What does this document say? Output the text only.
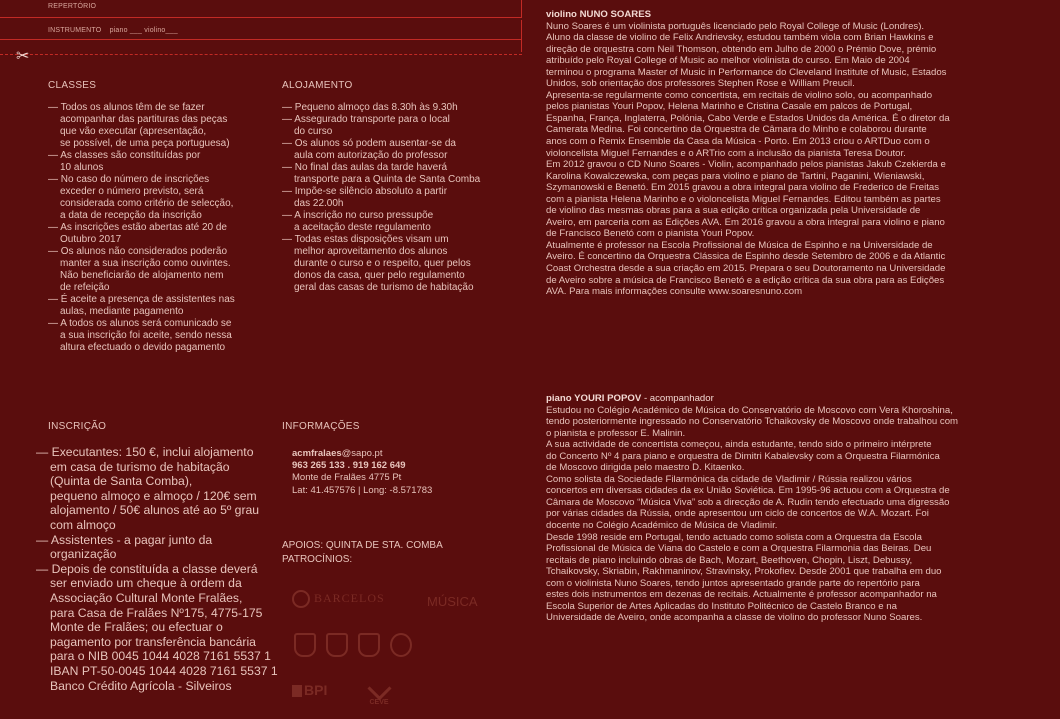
REPERTÓRIO
INSTRUMENTO piano ___ violino___
✂
CLASSES
— Todos os alunos têm de se fazer
acompanhar das partituras das peças
que vão executar (apresentação,
se possível, de uma peça portuguesa)
— As classes são constituídas por
10 alunos
— No caso do número de inscrições
exceder o número previsto, será
considerada como critério de selecção,
a data de recepção da inscrição
— As inscrições estão abertas até 20 de
Outubro 2017
— Os alunos não considerados poderão
manter a sua inscrição como ouvintes.
Não beneficiarão de alojamento nem
de refeição
— É aceite a presença de assistentes nas
aulas, mediante pagamento
— A todos os alunos será comunicado se
a sua inscrição foi aceite, sendo nessa
altura efectuado o devido pagamento
ALOJAMENTO
— Pequeno almoço das 8.30h às 9.30h
— Assegurado transporte para o local
do curso
— Os alunos só podem ausentar-se da
aula com autorização do professor
— No final das aulas da tarde haverá
transporte para a Quinta de Santa Comba
— Impõe-se silêncio absoluto a partir
das 22.00h
— A inscrição no curso pressupõe
a aceitação deste regulamento
— Todas estas disposições visam um
melhor aproveitamento dos alunos
durante o curso e o respeito, quer pelos
donos da casa, quer pelo regulamento
geral das casas de turismo de habitação
INSCRIÇÃO
— Executantes: 150 €, inclui alojamento
em casa de turismo de habitação
(Quinta de Santa Comba),
pequeno almoço e almoço / 120€ sem
alojamento / 50€ alunos até ao 5º grau
com almoço
— Assistentes - a pagar junto da
organização
— Depois de constituída a classe deverá
ser enviado um cheque à ordem da
Associação Cultural Monte Fralães,
para Casa de Fralães Nº175, 4775-175
Monte de Fralães; ou efectuar o
pagamento por transferência bancária
para o NIB 0045 1044 4028 7161 5537 1
IBAN PT-50-0045 1044 4028 7161 5537 1
Banco Crédito Agrícola - Silveiros
INFORMAÇÕES
acmfralaes@sapo.pt
963 265 133 . 919 162 649
Monte de Fralães 4775 Pt
Lat: 41.457576 | Long: -8.571783
APOIOS: QUINTA DE STA. COMBA
PATROCÍNIOS:
BARCELOS	MÚSICA
BPI
CEVE

violino NUNO SOARES

Nuno Soares é um violinista português licenciado pelo Royal College of Music (Londres).
Aluno da classe de violino de Felix Andrievsky, estudou também viola com Brian Hawkins e
direção de orquestra com Neil Thomson, obtendo em Julho de 2000 o Prémio Dove, prémio
atribuído pelo Royal College of Music ao melhor violinista do curso. Em Maio de 2004
terminou o programa Master of Music in Performance do Cleveland Institute of Music, Estados
Unidos, sob orientação dos professores Stephen Rose e William Preucil.
Apresenta-se regularmente como concertista, em recitais de violino solo, ou acompanhado
pelos pianistas Youri Popov, Helena Marinho e Cristina Casale em palcos de Portugal,
Espanha, França, Inglaterra, Polónia, Cabo Verde e Estados Unidos da América. É o diretor da
Camerata Medina. Foi concertino da Orquestra de Câmara do Minho e colaborou durante
anos com o Remix Ensemble da Casa da Música - Porto. Em 2013 criou o ARTDuo com o
violoncelista Miguel Fernandes e o ARTrio com a inclusão da pianista Teresa Doutor.
Em 2012 gravou o CD Nuno Soares - Violin, acompanhado pelos pianistas Jakub Czekierda e
Karolina Kowalczewska, com peças para violino e piano de Tartini, Paganini, Wieniawski,
Szymanowski e Benetó. Em 2015 gravou a obra integral para violino de Frederico de Freitas
com a pianista Helena Marinho e o violoncelista Miguel Fernandes. Editou também as partes
de violino das mesmas obras para a sua edição crítica organizada pela Universidade de
Aveiro, em parceria com as Edições AVA. Em 2016 gravou a obra integral para violino e piano
de Francisco Benetó com o pianista Youri Popov.
Atualmente é professor na Escola Profissional de Música de Espinho e na Universidade de
Aveiro. É concertino da Orquestra Clássica de Espinho desde Setembro de 2006 e da Atlantic
Coast Orchestra desde a sua criação em 2015. Prepara o seu Doutoramento na Universidade
de Aveiro sobre a música de Francisco Benetó e a edição crítica da sua obra para as Edições
AVA. Para mais informações consulte www.soaresnuno.com

piano YOURI POPOV - acompanhador

Estudou no Colégio Académico de Música do Conservatório de Moscovo com Vera Khoroshina,
tendo posteriormente ingressado no Conservatório Tchaikovsky de Moscovo onde trabalhou com
o pianista e professor E. Malinin.
A sua actividade de concertista começou, ainda estudante, tendo sido o primeiro intérprete
do Concerto Nº 4 para piano e orquestra de Dimitri Kabalevsky com a Orquestra Filarmónica
de Moscovo dirigida pelo maestro D. Kitaenko.
Como solista da Sociedade Filarmónica da cidade de Vladimir / Rússia realizou vários
concertos em diversas cidades da ex União Soviética. Em 1995-96 actuou com a Orquestra de
Câmara de Moscovo “Música Viva” sob a direcção de A. Rudin tendo efectuado uma digressão
por várias cidades da Rússia, onde apresentou um ciclo de concertos de W.A. Mozart. Foi
docente no Colégio Académico de Música de Vladimir.
Desde 1998 reside em Portugal, tendo actuado como solista com a Orquestra da Escola
Profissional de Música de Viana do Castelo e com a Orquestra Filarmonia das Beiras. Deu
recitais de piano incluindo obras de Bach, Mozart, Beethoven, Chopin, Liszt, Debussy,
Tchaikovsky, Skriabin, Rakhmaninov, Stravinsky, Prokofiev. Desde 2001 que trabalha em duo
com o violinista Nuno Soares, tendo juntos apresentado grande parte do repertório para
estes dois instrumentos em dezenas de recitais. Actualmente é professor acompanhador na
Escola Superior de Artes Aplicadas do Instituto Politécnico de Castelo Branco e na
Universidade de Aveiro, onde acompanha a classe de violino do professor Nuno Soares.
